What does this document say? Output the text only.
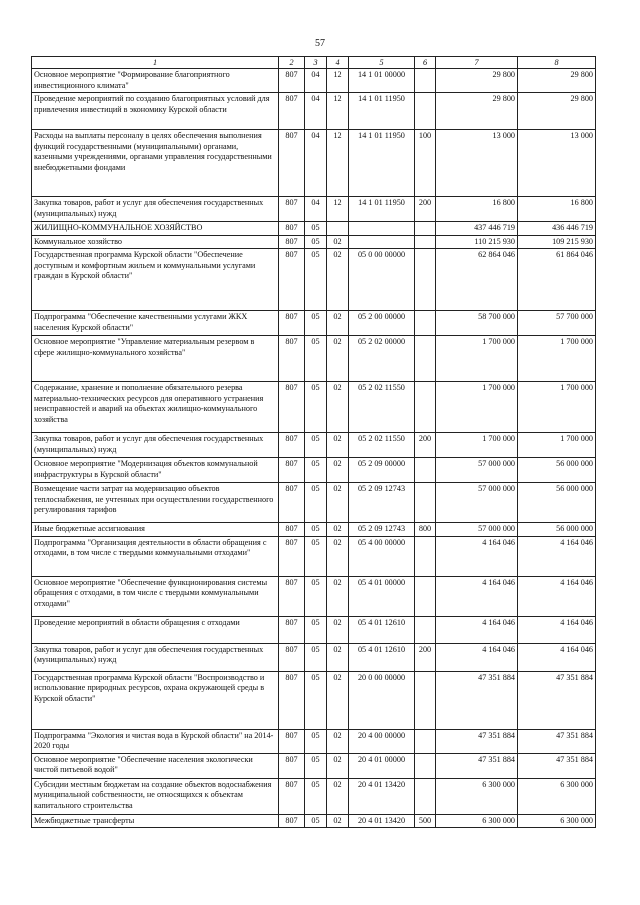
57
1	2	3	4	5	6	7	8
Основное мероприятие "Формирование благоприятного инвестиционного климата"	807	04	12	14 1 01 00000		29 800	29 800
Проведение мероприятий по созданию благоприятных условий для привлечения инвестиций в экономику Курской области	807	04	12	14 1 01 11950		29 800	29 800
Расходы на выплаты персоналу в целях обеспечения выполнения функций государственными (муниципальными) органами, казенными учреждениями, органами управления государственными внебюджетными фондами	807	04	12	14 1 01 11950	100	13 000	13 000
Закупка товаров, работ и услуг для обеспечения государственных (муниципальных) нужд	807	04	12	14 1 01 11950	200	16 800	16 800
ЖИЛИЩНО-КОММУНАЛЬНОЕ ХОЗЯЙСТВО	807	05				437 446 719	436 446 719
Коммунальное хозяйство	807	05	02			110 215 930	109 215 930
Государственная программа Курской области "Обеспечение доступным и комфортным жильем и коммунальными услугами граждан в Курской области"	807	05	02	05 0 00 00000		62 864 046	61 864 046
Подпрограмма "Обеспечение качественными услугами ЖКХ населения Курской области"	807	05	02	05 2 00 00000		58 700 000	57 700 000
Основное мероприятие "Управление материальным резервом в сфере жилищно-коммунального хозяйства"	807	05	02	05 2 02 00000		1 700 000	1 700 000
Содержание, хранение и пополнение обязательного резерва материально-технических ресурсов для оперативного устранения неисправностей и аварий на объектах жилищно-коммунального хозяйства	807	05	02	05 2 02 11550		1 700 000	1 700 000
Закупка товаров, работ и услуг для обеспечения государственных (муниципальных) нужд	807	05	02	05 2 02 11550	200	1 700 000	1 700 000
Основное мероприятие "Модернизация объектов коммунальной инфраструктуры в Курской области"	807	05	02	05 2 09 00000		57 000 000	56 000 000
Возмещение части затрат на модернизацию объектов теплоснабжения, не учтенных при осуществлении государственного регулирования тарифов	807	05	02	05 2 09 12743		57 000 000	56 000 000
Иные бюджетные ассигнования	807	05	02	05 2 09 12743	800	57 000 000	56 000 000
Подпрограмма "Организация деятельности в области обращения с отходами, в том числе с твердыми коммунальными отходами"	807	05	02	05 4 00 00000		4 164 046	4 164 046
Основное мероприятие "Обеспечение функционирования системы обращения с отходами, в том числе с твердыми коммунальными отходами"	807	05	02	05 4 01 00000		4 164 046	4 164 046
Проведение мероприятий в области обращения с отходами	807	05	02	05 4 01 12610		4 164 046	4 164 046
Закупка товаров, работ и услуг для обеспечения государственных (муниципальных) нужд	807	05	02	05 4 01 12610	200	4 164 046	4 164 046
Государственная программа Курской области "Воспроизводство и использование природных ресурсов, охрана окружающей среды в Курской области"	807	05	02	20 0 00 00000		47 351 884	47 351 884
Подпрограмма "Экология и чистая вода в Курской области" на 2014-2020 годы	807	05	02	20 4 00 00000		47 351 884	47 351 884
Основное мероприятие "Обеспечение населения экологически чистой питьевой водой"	807	05	02	20 4 01 00000		47 351 884	47 351 884
Субсидии местным бюджетам на создание объектов водоснабжения муниципальной собственности, не относящихся к объектам капитального строительства	807	05	02	20 4 01 13420		6 300 000	6 300 000
Межбюджетные трансферты	807	05	02	20 4 01 13420	500	6 300 000	6 300 000
